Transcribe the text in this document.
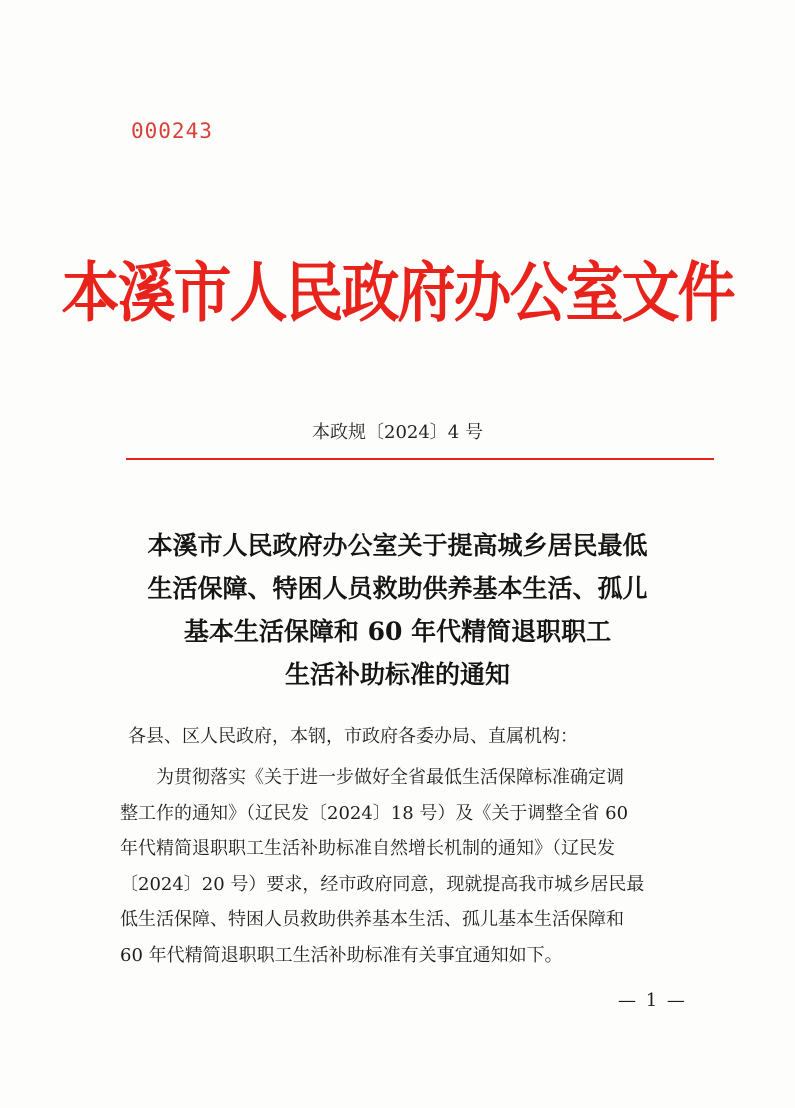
000243
本溪市人民政府办公室文件
本政规〔2024〕4 号
本溪市人民政府办公室关于提高城乡居民最低
生活保障、特困人员救助供养基本生活、孤儿
基本生活保障和 60 年代精简退职职工
生活补助标准的通知
各县、区人民政府，本钢，市政府各委办局、直属机构：
　　为贯彻落实《关于进一步做好全省最低生活保障标准确定调
整工作的通知》（辽民发〔2024〕18 号）及《关于调整全省 60
年代精简退职职工生活补助标准自然增长机制的通知》（辽民发
〔2024〕20 号）要求，经市政府同意，现就提高我市城乡居民最
低生活保障、特困人员救助供养基本生活、孤儿基本生活保障和
60 年代精简退职职工生活补助标准有关事宜通知如下。
— 1 —
